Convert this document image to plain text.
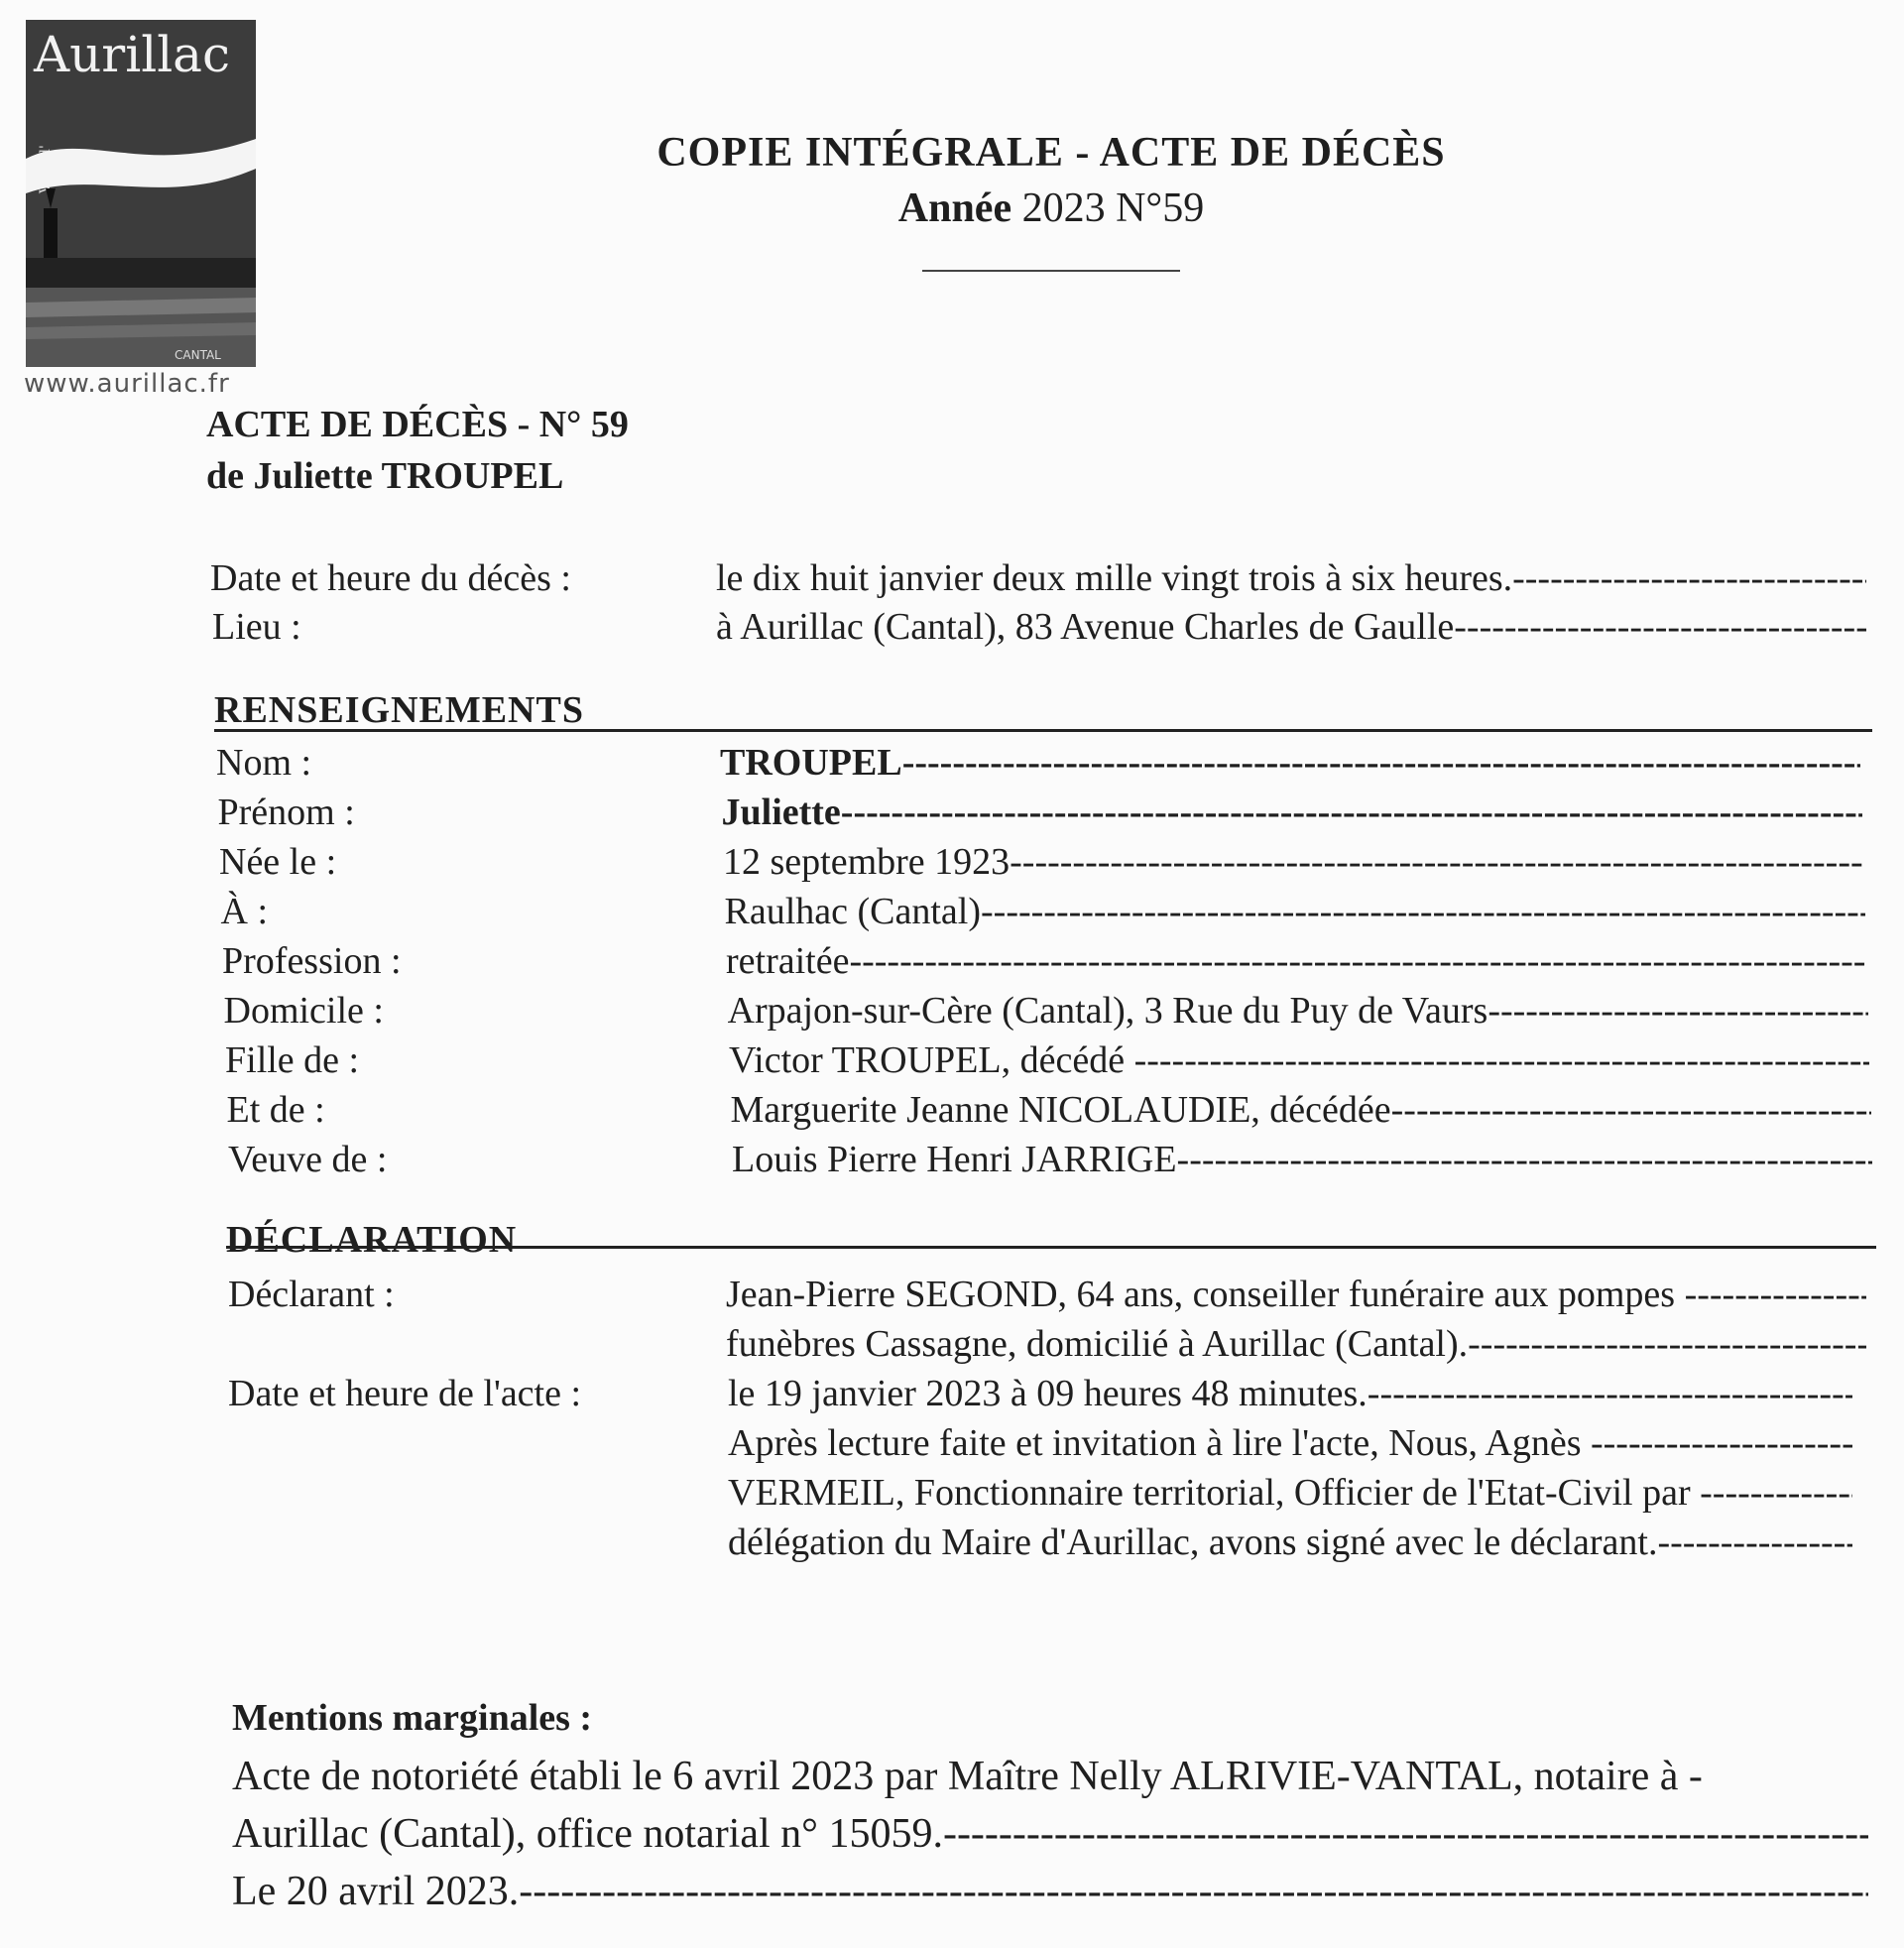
Aurillac
CANTAL
www.aurillac.fr
COPIE INTÉGRALE - ACTE DE DÉCÈS
Année 2023 N°59
ACTE DE DÉCÈS - N° 59
de Juliette TROUPEL
Date et heure du décès :	le dix huit janvier deux mille vingt trois à six heures. -----
Lieu :	à Aurillac (Cantal), 83 Avenue Charles de Gaulle -----
RENSEIGNEMENTS
Nom :	TROUPEL -----
Prénom :	Juliette -----
Née le :	12 septembre 1923 -----
À :	Raulhac (Cantal) -----
Profession :	retraitée -----
Domicile :	Arpajon-sur-Cère (Cantal), 3 Rue du Puy de Vaurs -----
Fille de :	Victor TROUPEL, décédé -----
Et de :	Marguerite Jeanne NICOLAUDIE, décédée -----
Veuve de :	Louis Pierre Henri JARRIGE -----
DÉCLARATION
Déclarant :	Jean-Pierre SEGOND, 64 ans, conseiller funéraire aux pompes -----
funèbres Cassagne, domicilié à Aurillac (Cantal). -----
Date et heure de l'acte :	le 19 janvier 2023 à 09 heures 48 minutes. -----
Après lecture faite et invitation à lire l'acte, Nous, Agnès -----
VERMEIL, Fonctionnaire territorial, Officier de l'Etat-Civil par -----
délégation du Maire d'Aurillac, avons signé avec le déclarant. -----
Mentions marginales :
Acte de notoriété établi le 6 avril 2023 par Maître Nelly ALRIVIE-VANTAL, notaire à -
Aurillac (Cantal), office notarial n° 15059. -----
Le 20 avril 2023. -----
